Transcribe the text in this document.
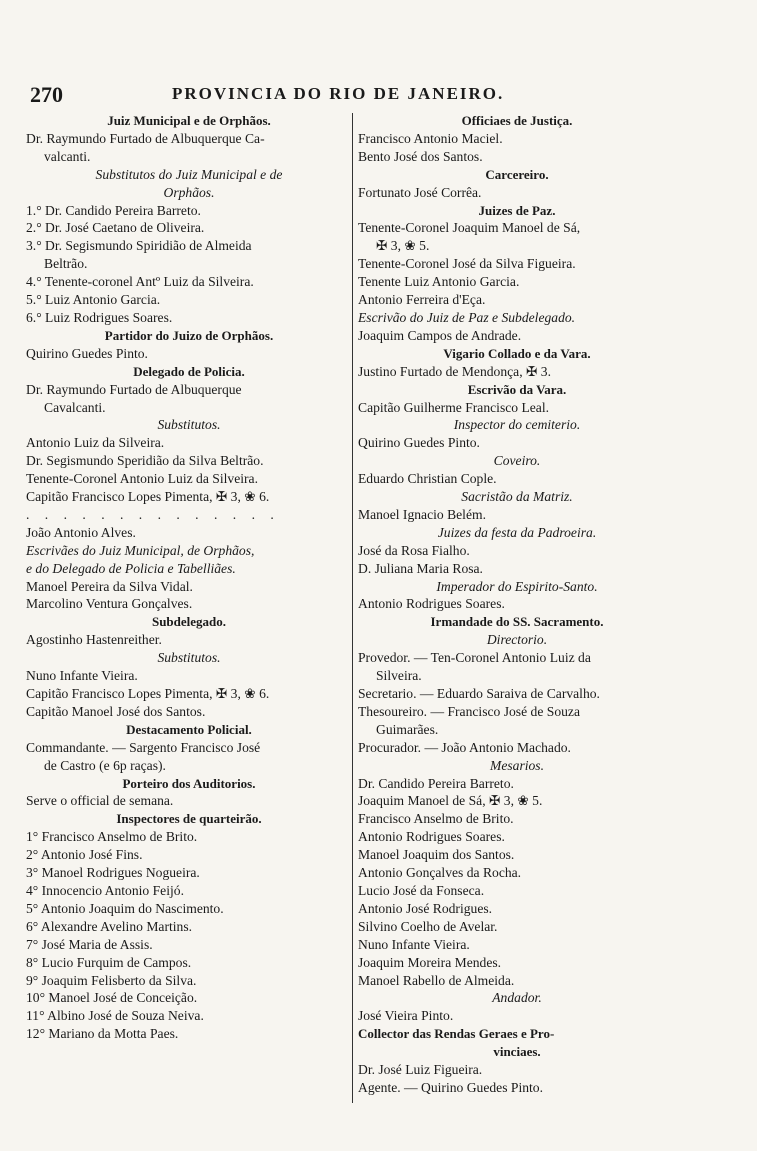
270	PROVINCIA DO RIO DE JANEIRO.
Juiz Municipal e de Orphãos.
Dr. Raymundo Furtado de Albuquerque Ca-
valcanti.
Substitutos do Juiz Municipal e de
Orphãos.
1.° Dr. Candido Pereira Barreto.
2.° Dr. José Caetano de Oliveira.
3.° Dr. Segismundo Spiridião de Almeida
Beltrão.
4.° Tenente-coronel Antº Luiz da Silveira.
5.° Luiz Antonio Garcia.
6.° Luiz Rodrigues Soares.
Partidor do Juizo de Orphãos.
Quirino Guedes Pinto.
Delegado de Policia.
Dr. Raymundo Furtado de Albuquerque
Cavalcanti.
Substitutos.
Antonio Luiz da Silveira.
Dr. Segismundo Speridião da Silva Beltrão.
Tenente-Coronel Antonio Luiz da Silveira.
Capitão Francisco Lopes Pimenta, ✠ 3, ❀ 6.
. . . . . . . . . . . . . .
João Antonio Alves.
Escrivães do Juiz Municipal, de Orphãos,
e do Delegado de Policia e Tabelliães.
Manoel Pereira da Silva Vidal.
Marcolino Ventura Gonçalves.
Subdelegado.
Agostinho Hastenreither.
Substitutos.
Nuno Infante Vieira.
Capitão Francisco Lopes Pimenta, ✠ 3, ❀ 6.
Capitão Manoel José dos Santos.
Destacamento Policial.
Commandante. — Sargento Francisco José
de Castro (e 6p raças).
Porteiro dos Auditorios.
Serve o official de semana.
Inspectores de quarteirão.
1° Francisco Anselmo de Brito.
2° Antonio José Fins.
3° Manoel Rodrigues Nogueira.
4° Innocencio Antonio Feijó.
5° Antonio Joaquim do Nascimento.
6° Alexandre Avelino Martins.
7° José Maria de Assis.
8° Lucio Furquim de Campos.
9° Joaquim Felisberto da Silva.
10° Manoel José de Conceição.
11° Albino José de Souza Neiva.
12° Mariano da Motta Paes.
Officiaes de Justiça.
Francisco Antonio Maciel.
Bento José dos Santos.
Carcereiro.
Fortunato José Corrêa.
Juizes de Paz.
Tenente-Coronel Joaquim Manoel de Sá,
✠ 3, ❀ 5.
Tenente-Coronel José da Silva Figueira.
Tenente Luiz Antonio Garcia.
Antonio Ferreira d'Eça.
Escrivão do Juiz de Paz e Subdelegado.
Joaquim Campos de Andrade.
Vigario Collado e da Vara.
Justino Furtado de Mendonça, ✠ 3.
Escrivão da Vara.
Capitão Guilherme Francisco Leal.
Inspector do cemiterio.
Quirino Guedes Pinto.
Coveiro.
Eduardo Christian Cople.
Sacristão da Matriz.
Manoel Ignacio Belém.
Juizes da festa da Padroeira.
José da Rosa Fialho.
D. Juliana Maria Rosa.
Imperador do Espirito-Santo.
Antonio Rodrigues Soares.
Irmandade do SS. Sacramento.
Directorio.
Provedor. — Ten-Coronel Antonio Luiz da
Silveira.
Secretario. — Eduardo Saraiva de Carvalho.
Thesoureiro. — Francisco José de Souza
Guimarães.
Procurador. — João Antonio Machado.
Mesarios.
Dr. Candido Pereira Barreto.
Joaquim Manoel de Sá, ✠ 3, ❀ 5.
Francisco Anselmo de Brito.
Antonio Rodrigues Soares.
Manoel Joaquim dos Santos.
Antonio Gonçalves da Rocha.
Lucio José da Fonseca.
Antonio José Rodrigues.
Silvino Coelho de Avelar.
Nuno Infante Vieira.
Joaquim Moreira Mendes.
Manoel Rabello de Almeida.
Andador.
José Vieira Pinto.
Collector das Rendas Geraes e Pro-
vinciaes.
Dr. José Luiz Figueira.
Agente. — Quirino Guedes Pinto.
